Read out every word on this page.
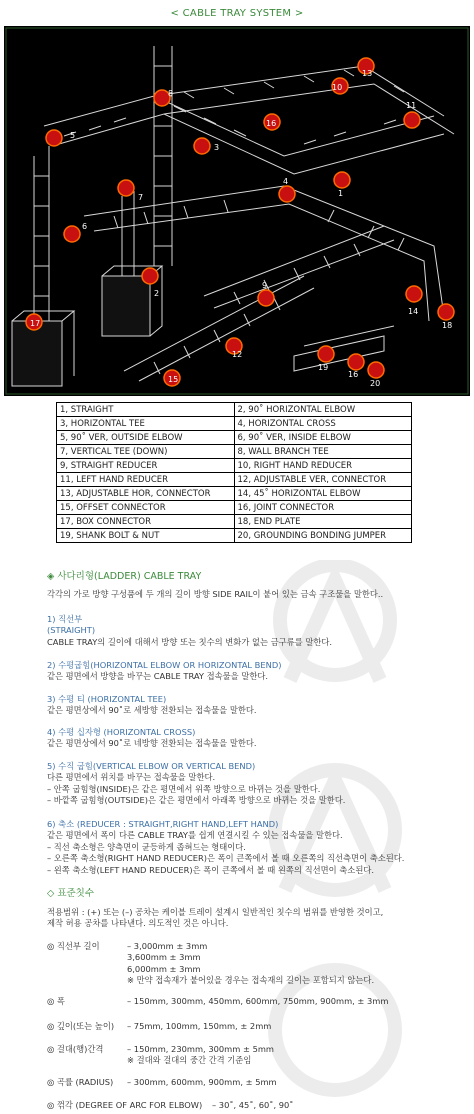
< CABLE TRAY SYSTEM >
1
2
3
4
5
6
7
8
9
10
11
12
13
14
15
16
17	18
19
16
20
1, STRAIGHT	2, 90˚ HORIZONTAL ELBOW
3, HORIZONTAL TEE	4, HORIZONTAL CROSS
5, 90˚ VER, OUTSIDE ELBOW	6, 90˚ VER, INSIDE ELBOW
7, VERTICAL TEE (DOWN)	8, WALL BRANCH TEE
9, STRAIGHT REDUCER	10, RIGHT HAND REDUCER
11, LEFT HAND REDUCER	12, ADJUSTABLE VER, CONNECTOR
13, ADJUSTABLE HOR, CONNECTOR	14, 45˚ HORIZONTAL ELBOW
15, OFFSET CONNECTOR	16, JOINT CONNECTOR
17, BOX CONNECTOR	18, END PLATE
19, SHANK BOLT & NUT	20, GROUNDING BONDING JUMPER
◈ 사다리형(LADDER) CABLE TRAY
각각의 가로 방향 구성품에 두 개의 길이 방향 SIDE RAIL이 붙어 있는 금속 구조물을 말한다..
1) 직선부
(STRAIGHT)
CABLE TRAY의 길이에 대해서 방향 또는 칫수의 변화가 없는 금구류를 말한다.
2) 수평굽힘(HORIZONTAL ELBOW OR HORIZONTAL BEND)
같은 평면에서 방향을 바꾸는 CABLE TRAY 접속물을 말한다.
3) 수평 티 (HORIZONTAL TEE)
같은 평면상에서 90˚로 세방향 전환되는 접속물을 말한다.
4) 수평 십자형 (HORIZONTAL CROSS)
같은 평면상에서 90˚로 네방향 전환되는 접속물을 말한다.
5) 수직 굽힘(VERTICAL ELBOW OR VERTICAL BEND)
다른 평면에서 위치를 바꾸는 접속물을 말한다.
– 안쪽 굽힘형(INSIDE)은 같은 평면에서 위쪽 방향으로 바뀌는 것을 말한다.
– 바깥쪽 굽힘형(OUTSIDE)은 같은 평면에서 아래쪽 방향으로 바뀌는 것을 말한다.
6) 축소 (REDUCER : STRAIGHT,RIGHT HAND,LEFT HAND)
같은 평면에서 폭이 다른 CABLE TRAY를 쉽게 연결시킬 수 있는 접속물을 말한다.
– 직선 축소형은 양측면이 균등하게 좁혀드는 형태이다.
– 오른쪽 축소형(RIGHT HAND REDUCER)은 폭이 큰쪽에서 볼 때 오른쪽의 직선측면이 축소된다.
– 왼쪽 축소형(LEFT HAND REDUCER)은 폭이 큰쪽에서 볼 때 왼쪽의 직선면이 축소된다.
◇ 표준칫수
적용범위 : (+) 또는 (–) 공차는 케이블 트레이 설계시 일반적인 칫수의 범위를 반영한 것이고,
제작 허용 공차를 나타낸다. 의도적인 것은 아니다.
◎ 직선부 길이	– 3,000mm ± 3mm
3,600mm ± 3mm
6,000mm ± 3mm
※ 만약 접속재가 붙어있을 경우는 접속재의 길이는 포함되지 않는다.
◎ 폭	– 150mm, 300mm, 450mm, 600mm, 750mm, 900mm, ± 3mm
◎ 깊이(또는 높이) – 75mm, 100mm, 150mm, ± 2mm
◎ 걸대(행)간격	– 150mm, 230mm, 300mm ± 5mm
※ 걸대와 걸대의 중간 간격 기준임
◎ 곡률 (RADIUS) – 300mm, 600mm, 900mm, ± 5mm
◎ 꺾각 (DEGREE OF ARC FOR ELBOW) – 30˚, 45˚, 60˚, 90˚
